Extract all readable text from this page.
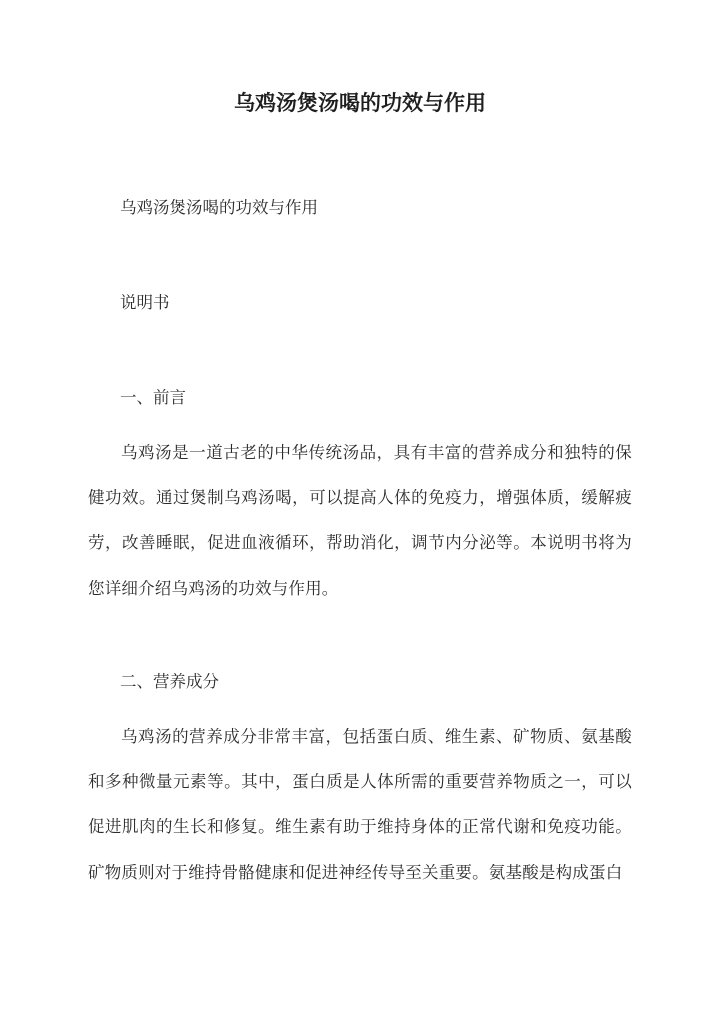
乌鸡汤煲汤喝的功效与作用

乌鸡汤煲汤喝的功效与作用

说明书

一、前言

乌鸡汤是一道古老的中华传统汤品，具有丰富的营养成分和独特的保健功效。通过煲制乌鸡汤喝，可以提高人体的免疫力，增强体质，缓解疲劳，改善睡眠，促进血液循环，帮助消化，调节内分泌等。本说明书将为您详细介绍乌鸡汤的功效与作用。

二、营养成分

乌鸡汤的营养成分非常丰富，包括蛋白质、维生素、矿物质、氨基酸和多种微量元素等。其中，蛋白质是人体所需的重要营养物质之一，可以促进肌肉的生长和修复。维生素有助于维持身体的正常代谢和免疫功能。矿物质则对于维持骨骼健康和促进神经传导至关重要。氨基酸是构成蛋白
